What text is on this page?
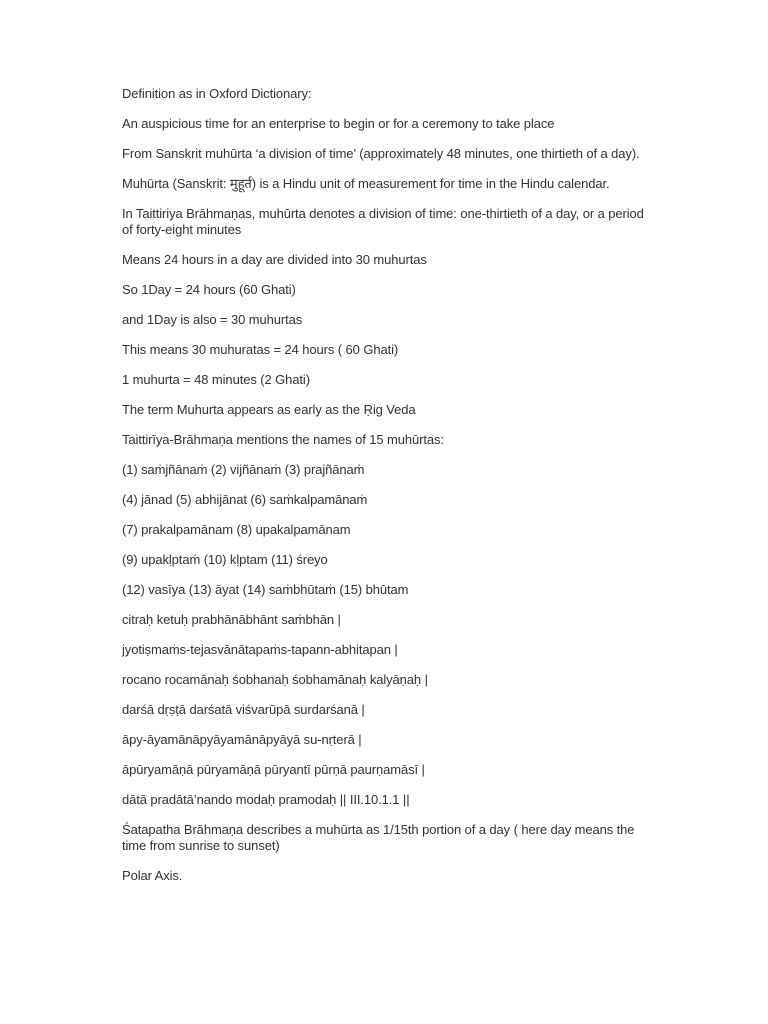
Definition as in Oxford Dictionary:

An auspicious time for an enterprise to begin or for a ceremony to take place

From Sanskrit muhūrta ‘a division of time’ (approximately 48 minutes, one thirtieth of a day).

Muhūrta (Sanskrit: मुहूर्त) is a Hindu unit of measurement for time in the Hindu calendar.

In Taittiriya Brāhmaṇas, muhūrta denotes a division of time: one-thirtieth of a day, or a period of forty-eight minutes

Means 24 hours in a day are divided into 30 muhurtas

So 1Day = 24 hours (60 Ghati)

and 1Day is also = 30 muhurtas

This means 30 muhuratas = 24 hours ( 60 Ghati)

1 muhurta = 48 minutes (2 Ghati)

The term Muhurta appears as early as the Ṛig Veda

Taittirīya-Brāhmaṇa mentions the names of 15 muhūrtas:

(1) saṁjñānaṁ (2) vijñānaṁ (3) prajñānaṁ

(4) jānad (5) abhijānat (6) saṁkalpamānaṁ

(7) prakalpamānam (8) upakalpamānam

(9) upakḷptaṁ (10) kḷptam (11) śreyo

(12) vasīya (13) āyat (14) saṁbhūtaṁ (15) bhūtam

citraḥ ketuḥ prabhānābhānt saṁbhān |

jyotiṣmaṁs-tejasvānātapaṁs-tapann-abhitapan |

rocano rocamānaḥ śobhanaḥ śobhamānaḥ kalyāṇaḥ |

darśā dṛṣṭā darśatā viśvarūpā surdarśanā |

āpy-āyamānāpyāyamānāpyāyā su-nṛterā |

āpūryamāṇā pūryamāṇā pūryantī pūrṇā paurṇamāsī |

dātā pradātā’nando modaḥ pramodaḥ || III.10.1.1 ||

Śatapatha Brāhmaṇa describes a muhūrta as 1/15th portion of a day ( here day means the time from sunrise to sunset)

Polar Axis.
